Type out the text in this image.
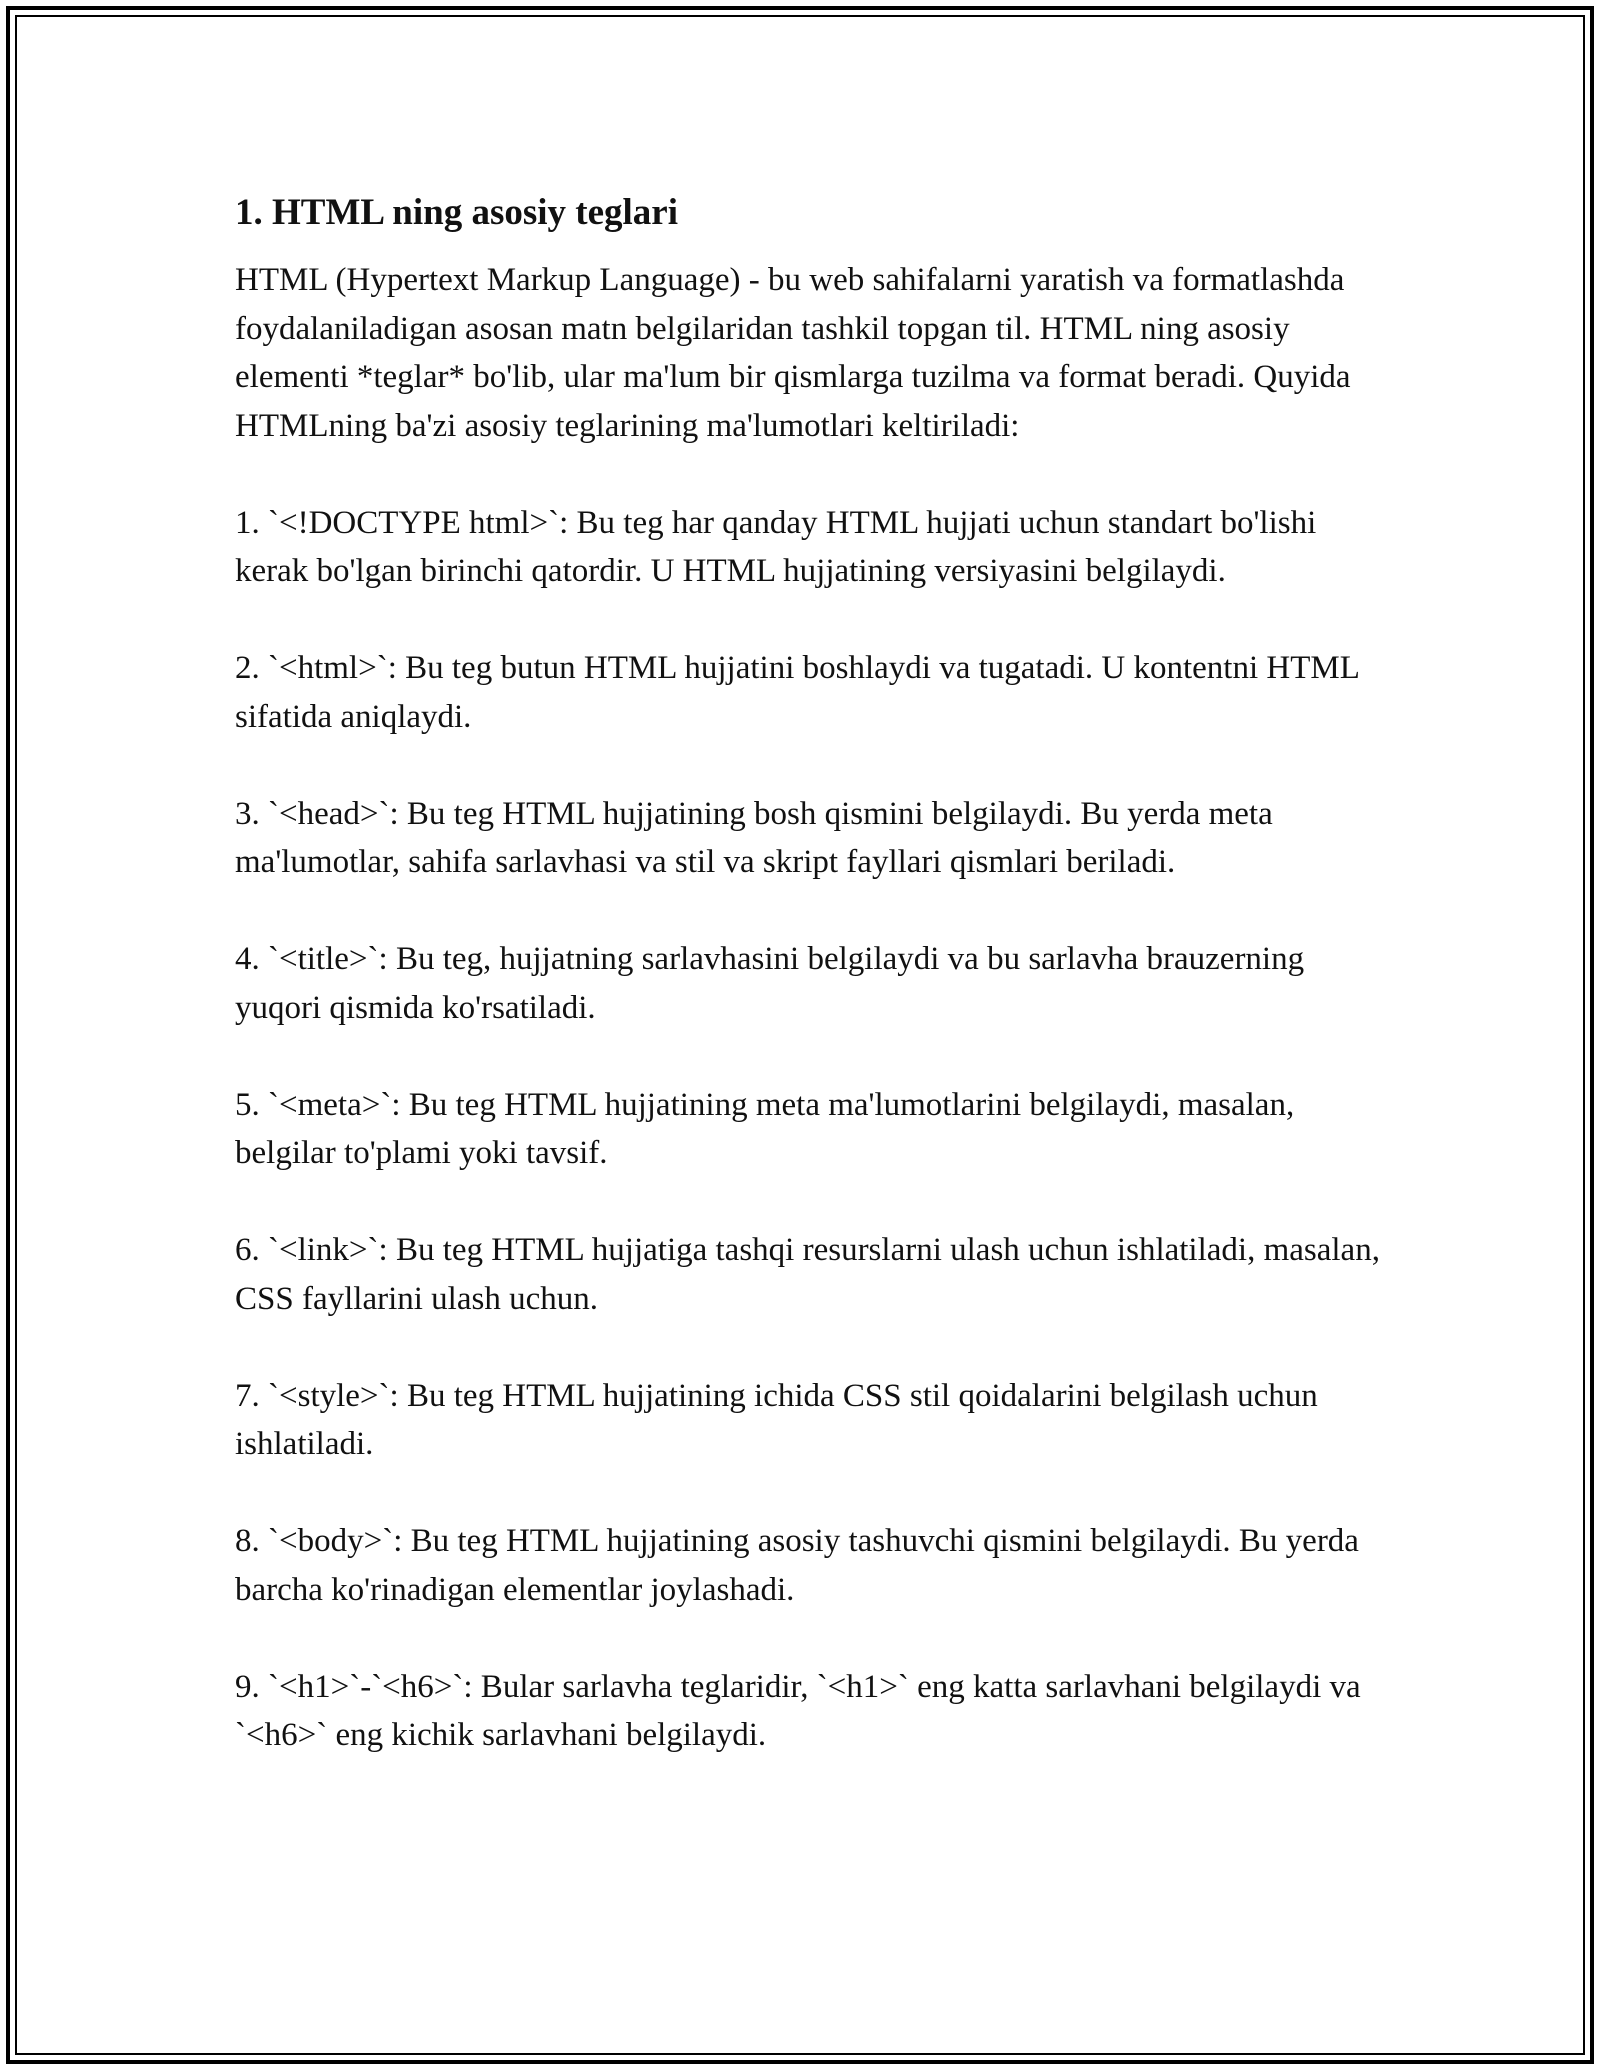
1. HTML ning asosiy teglari

HTML (Hypertext Markup Language) - bu web sahifalarni yaratish va formatlashda foydalaniladigan asosan matn belgilaridan tashkil topgan til. HTML ning asosiy elementi *teglar* bo'lib, ular ma'lum bir qismlarga tuzilma va format beradi. Quyida HTMLning ba'zi asosiy teglarining ma'lumotlari keltiriladi:

1. `<!DOCTYPE html>`: Bu teg har qanday HTML hujjati uchun standart bo'lishi kerak bo'lgan birinchi qatordir. U HTML hujjatining versiyasini belgilaydi.

2. `<html>`: Bu teg butun HTML hujjatini boshlaydi va tugatadi. U kontentni HTML sifatida aniqlaydi.

3. `<head>`: Bu teg HTML hujjatining bosh qismini belgilaydi. Bu yerda meta ma'lumotlar, sahifa sarlavhasi va stil va skript fayllari qismlari beriladi.

4. `<title>`: Bu teg, hujjatning sarlavhasini belgilaydi va bu sarlavha brauzerning yuqori qismida ko'rsatiladi.

5. `<meta>`: Bu teg HTML hujjatining meta ma'lumotlarini belgilaydi, masalan, belgilar to'plami yoki tavsif.

6. `<link>`: Bu teg HTML hujjatiga tashqi resurslarni ulash uchun ishlatiladi, masalan, CSS fayllarini ulash uchun.

7. `<style>`: Bu teg HTML hujjatining ichida CSS stil qoidalarini belgilash uchun ishlatiladi.

8. `<body>`: Bu teg HTML hujjatining asosiy tashuvchi qismini belgilaydi. Bu yerda barcha ko'rinadigan elementlar joylashadi.

9. `<h1>`-`<h6>`: Bular sarlavha teglaridir, `<h1>` eng katta sarlavhani belgilaydi va `<h6>` eng kichik sarlavhani belgilaydi.
